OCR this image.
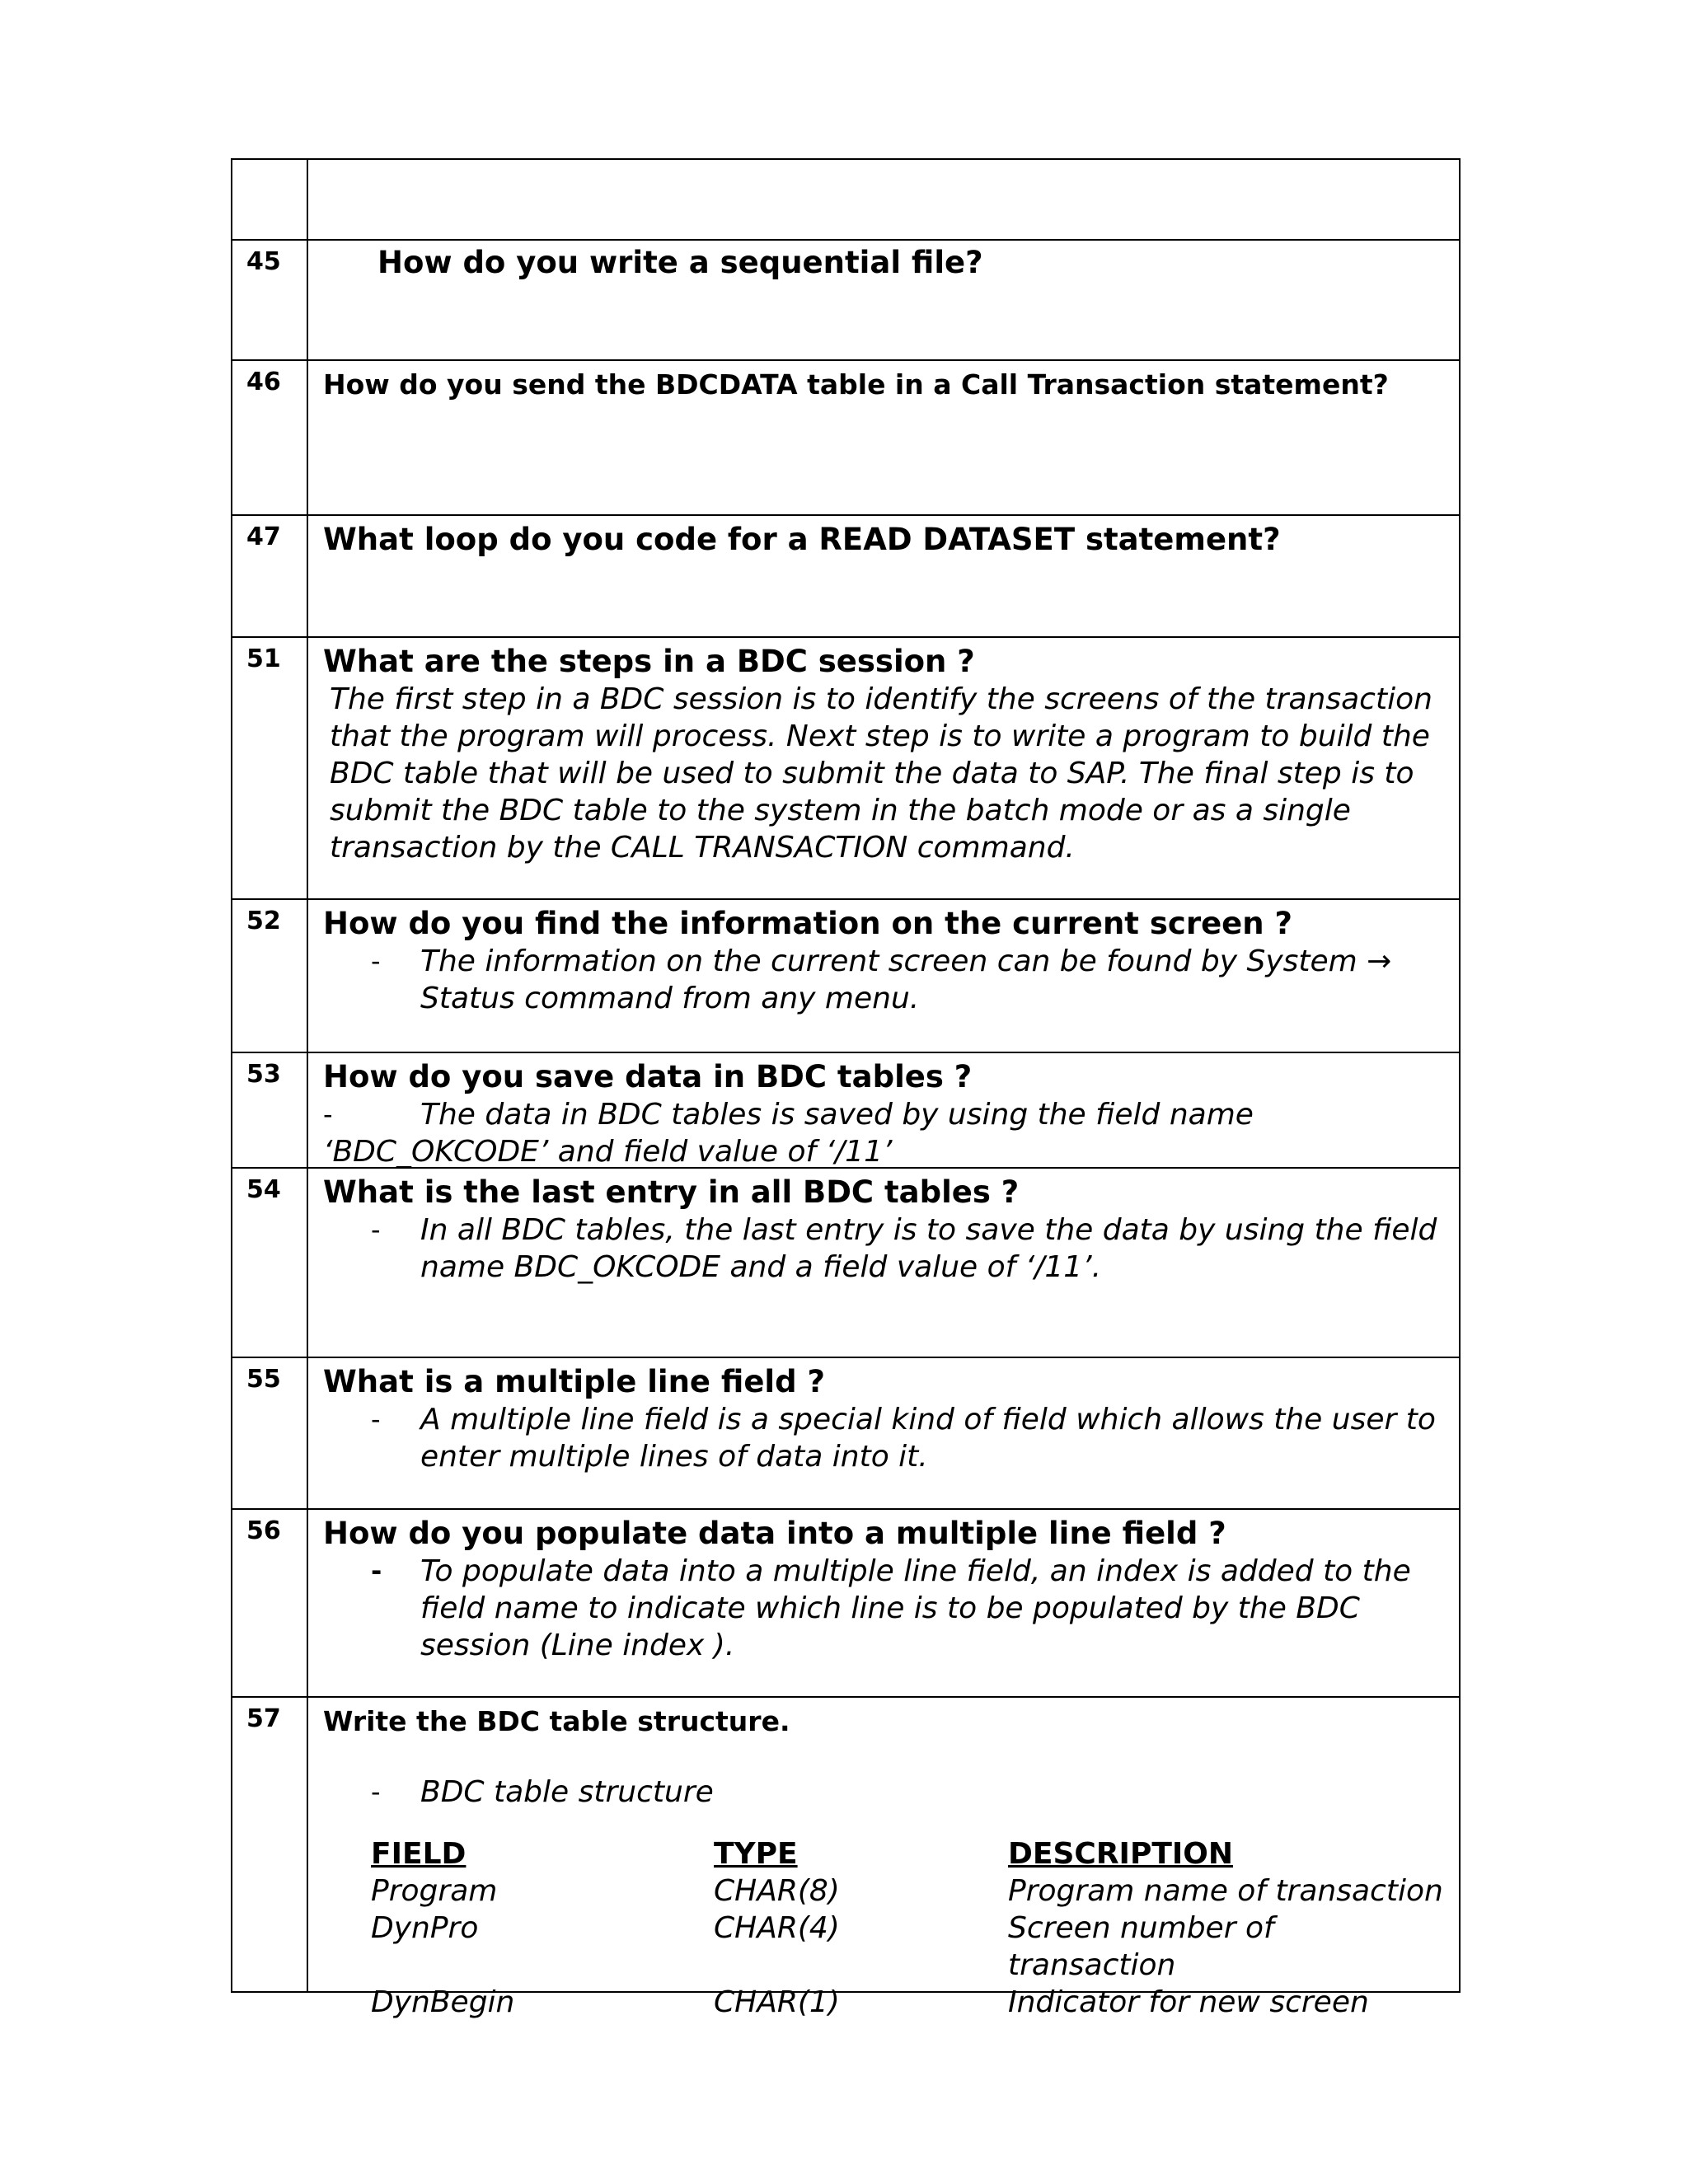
45	How do you write a sequential file?
46	How do you send the BDCDATA table in a Call Transaction statement?
47	What loop do you code for a READ DATASET statement?
51	What are the steps in a BDC session ?
The first step in a BDC session is to identify the screens of the transaction that the program will process. Next step is to write a program to build the BDC table that will be used to submit the data to SAP. The final step is to submit the BDC table to the system in the batch mode or as a single transaction by the CALL TRANSACTION command.
52	How do you find the information on the current screen ?
-	The information on the current screen can be found by System → Status command from any menu.
53	How do you save data in BDC tables ?
-	The data in BDC tables is saved by using the field name
‘BDC_OKCODE’ and field value of ‘/11’
54	What is the last entry in all BDC tables ?
-	In all BDC tables, the last entry is to save the data by using the field name BDC_OKCODE and a field value of ‘/11’.
55	What is a multiple line field ?
-	A multiple line field is a special kind of field which allows the user to enter multiple lines of data into it.
56	How do you populate data into a multiple line field ?
-	To populate data into a multiple line field, an index is added to the field name to indicate which line is to be populated by the BDC session (Line index ).
57	Write the BDC table structure.
-	BDC table structure
FIELD	TYPE	DESCRIPTION
Program	CHAR(8)	Program name of transaction
DynPro	CHAR(4)	Screen number of transaction
DynBegin	CHAR(1)	Indicator for new screen
